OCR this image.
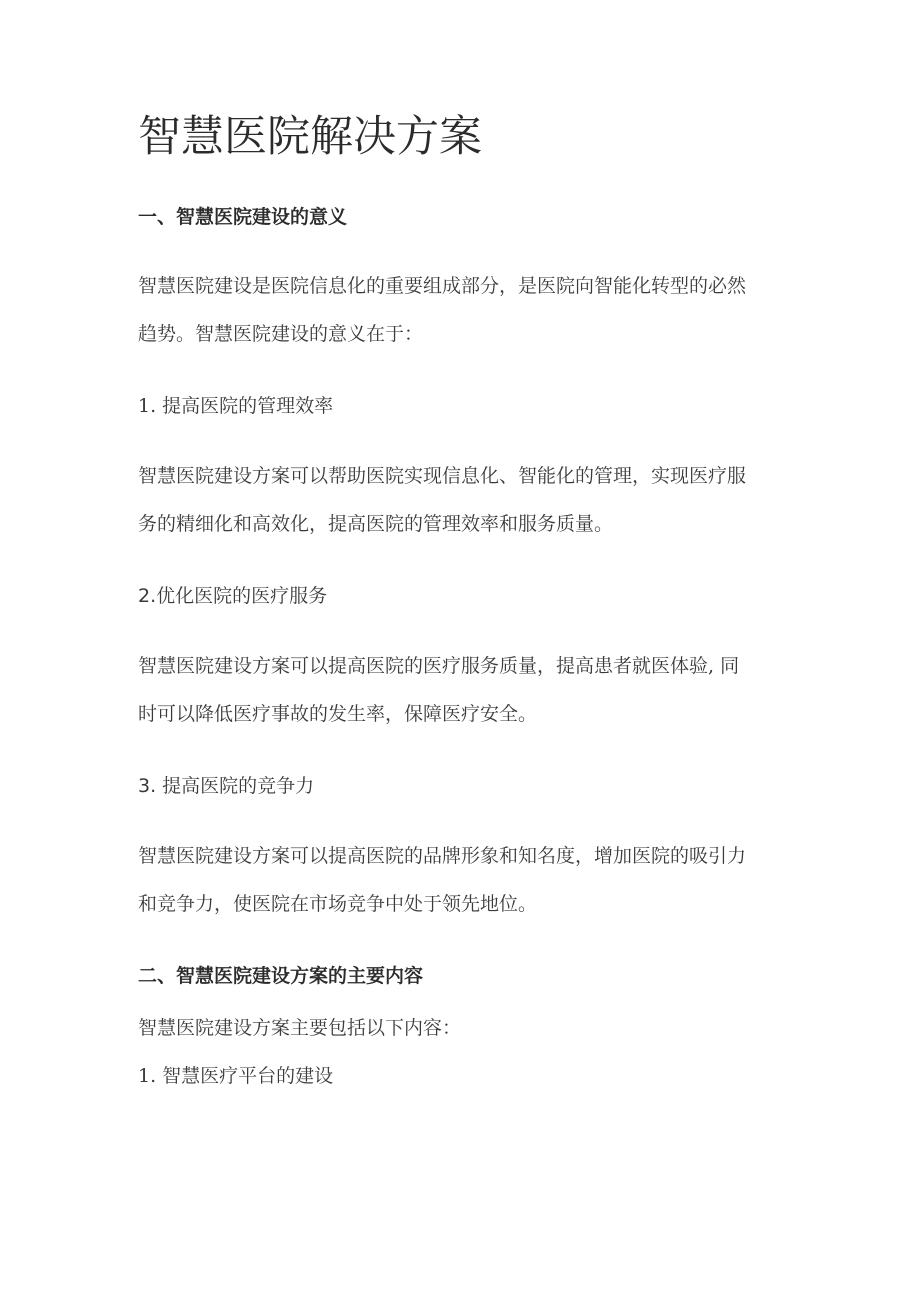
智慧医院解决方案
一、智慧医院建设的意义
智慧医院建设是医院信息化的重要组成部分，是医院向智能化转型的必然
趋势。智慧医院建设的意义在于：
1. 提高医院的管理效率
智慧医院建设方案可以帮助医院实现信息化、智能化的管理，实现医疗服
务的精细化和高效化，提高医院的管理效率和服务质量。
2.优化医院的医疗服务
智慧医院建设方案可以提高医院的医疗服务质量，提高患者就医体验, 同
时可以降低医疗事故的发生率，保障医疗安全。
3. 提高医院的竞争力
智慧医院建设方案可以提高医院的品牌形象和知名度，增加医院的吸引力
和竞争力，使医院在市场竞争中处于领先地位。
二、智慧医院建设方案的主要内容
智慧医院建设方案主要包括以下内容：
1. 智慧医疗平台的建设
